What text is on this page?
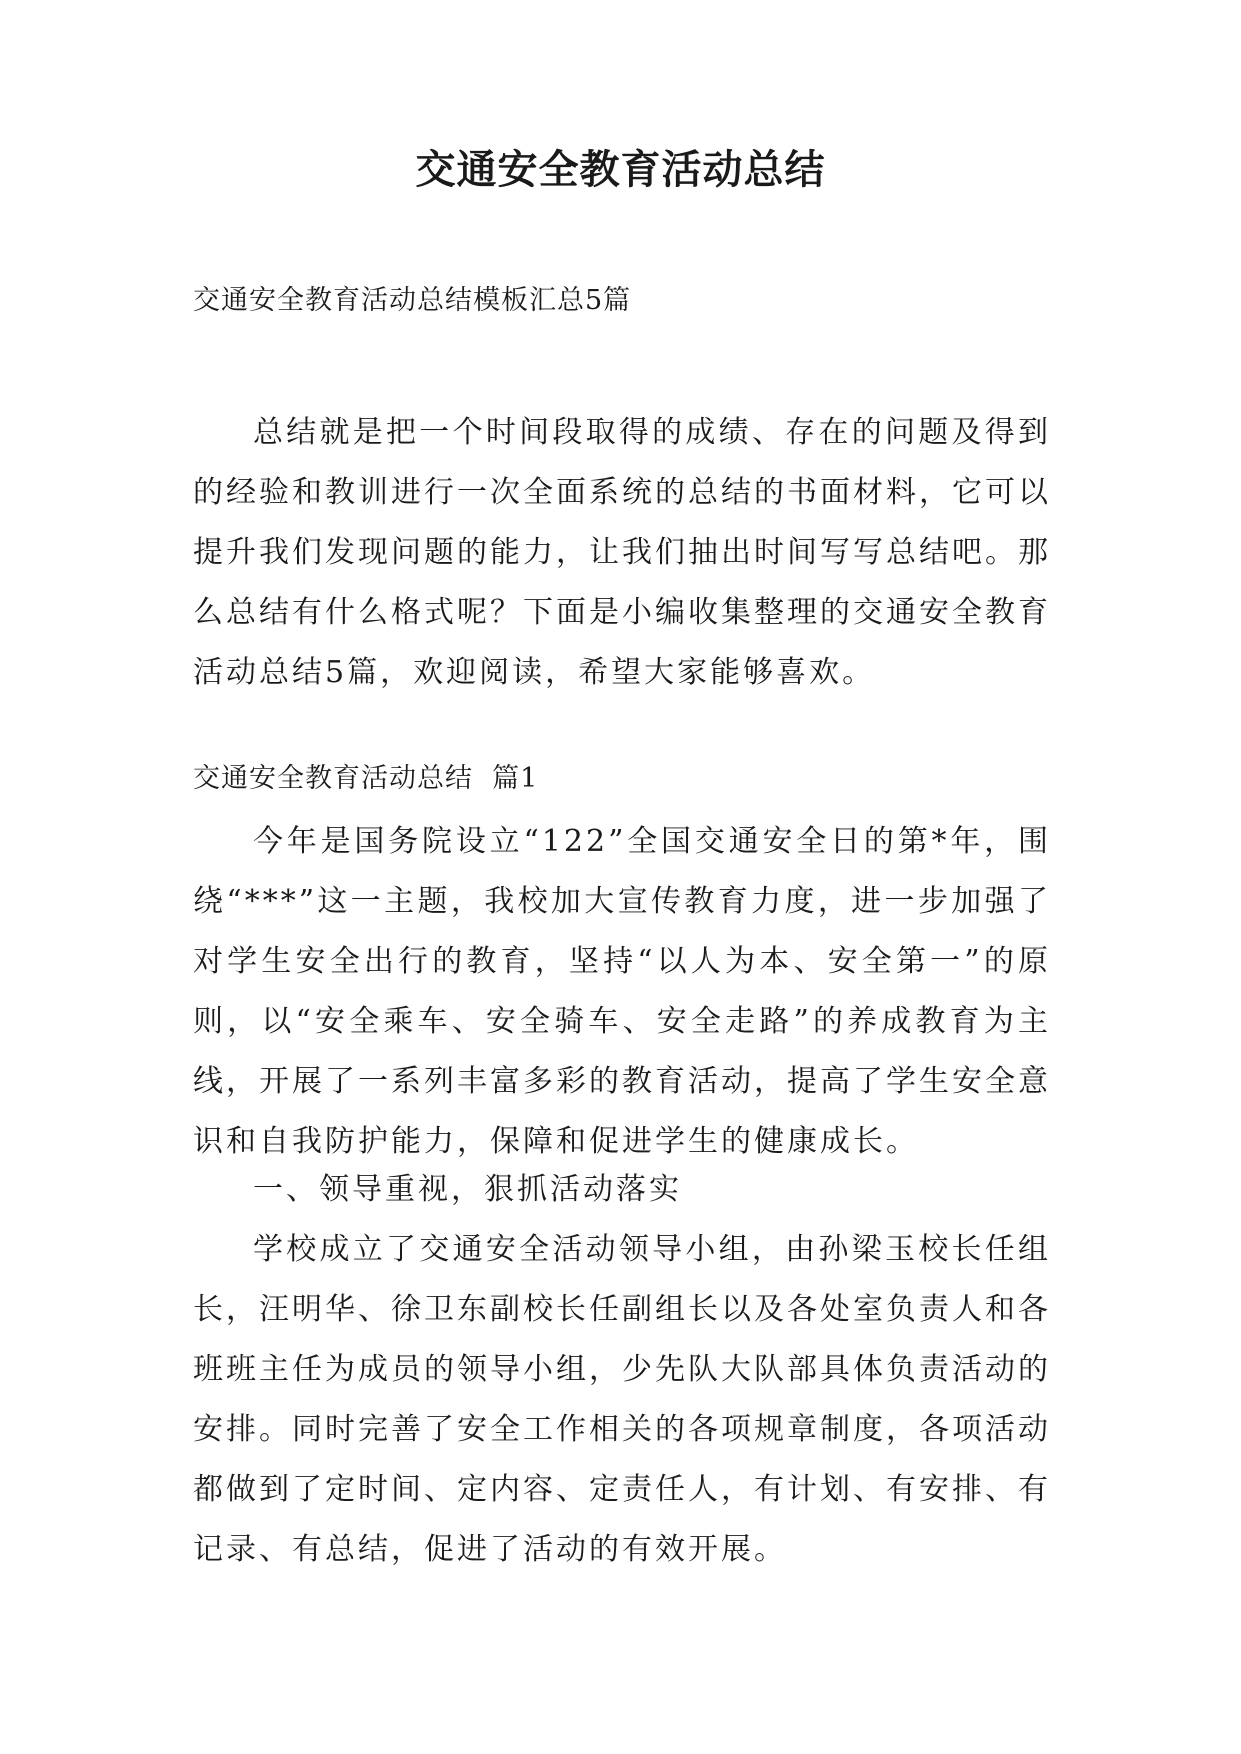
交通安全教育活动总结

交通安全教育活动总结模板汇总5篇

总结就是把一个时间段取得的成绩、存在的问题及得到的经验和教训进行一次全面系统的总结的书面材料，它可以提升我们发现问题的能力，让我们抽出时间写写总结吧。那么总结有什么格式呢？下面是小编收集整理的交通安全教育活动总结5篇，欢迎阅读，希望大家能够喜欢。

交通安全教育活动总结  篇1

今年是国务院设立“122”全国交通安全日的第*年，围绕“***”这一主题，我校加大宣传教育力度，进一步加强了对学生安全出行的教育，坚持“以人为本、安全第一”的原则，以“安全乘车、安全骑车、安全走路”的养成教育为主线，开展了一系列丰富多彩的教育活动，提高了学生安全意识和自我防护能力，保障和促进学生的健康成长。

一、领导重视，狠抓活动落实

学校成立了交通安全活动领导小组，由孙梁玉校长任组长，汪明华、徐卫东副校长任副组长以及各处室负责人和各班班主任为成员的领导小组，少先队大队部具体负责活动的安排。同时完善了安全工作相关的各项规章制度，各项活动都做到了定时间、定内容、定责任人，有计划、有安排、有记录、有总结，促进了活动的有效开展。
